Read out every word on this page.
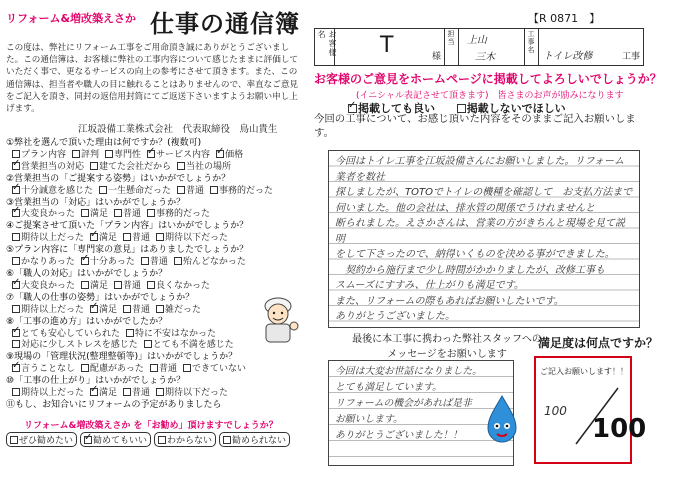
リフォーム&増改築えさか 仕事の通信簿
この度は、弊社にリフォーム工事をご用命頂き誠にありがとうございました。この通信簿は、お客様に弊社の工事内容について感じたままに評価していただく事で、更なるサービスの向上の参考にさせて頂きます。また、この通信簿は、担当者や職人の目に触れることはありませんので、率直なご意見をご記入を頂き、同封の返信用封筒にてご返送下さいますようお願い申し上げます。
江坂設備工業株式会社　代表取締役　鳥山貴生
①弊社を選んで頂いた理由は何ですか？(複数可)
プラン内容 評判 専門性 ✓ サービス内容 ✓ 価格
✓営業担当の対応 建てた会社だから 当社の場所
②営業担当の「ご提案する姿勢」はいかがでしょうか？
✓十分誠意を感じた 一生懸命だった 普通 事務的だった
③営業担当の「対応」はいかがでしょうか？
✓大変良かった 満足 普通 事務的だった
④ご提案させて頂いた「プラン内容」はいかがでしょうか？
期待以上だった ✓ 満足 普通 期待以下だった
⑤プラン内容に「専門家の意見」はありましたでしょうか？
かなりあった ✓ 十分あった 普通 殆んどなかった
⑥「職人の対応」はいかがでしょうか？
✓大変良かった 満足 普通 良くなかった
⑦「職人の仕事の姿勢」はいかがでしょうか？
期待以上だった ✓ 満足 普通 雑だった
⑧「工事の進め方」はいかがでしたか？
✓とても安心していられた 特に不安はなかった
対応に少しストレスを感じた とても不満を感じた
⑨現場の「管理状況(整理整頓等)」はいかがでしょうか？
✓言うことなし 配慮があった 普通 できていない
⑩「工事の仕上がり」はいかがでしょうか？
期待以上だった ✓ 満足 普通 期待以下だった
⑪もし、お知合いにリフォームの予定がありましたら
リフォーム&増改築えさか を「お勧め」頂けますでしょうか？
ぜひ勧めたい ✓ 勧めてもいい わからない 勧められない
【R 0871　】
お客様名	T	様
担当 上山
三木
工事名
トイレ改修	工事
お客様のご意見をホームページに掲載してよろしいでしょうか？
(イニシャル表記させて頂きます)　皆さまのお声が励みになります
✓掲載しても良い	掲載しないでほしい
今回の工事について、お感じ頂いた内容をそのままご記入お願いします。
今回はトイレ工事を江坂設備さんにお願いしました。リフォーム業者を数社
探しましたが、TOTOでトイレの機種を確認して　お支払方法まで
伺いました。他の会社は、排水管の関係でうけれませんと
断られました。えさかさんは、営業の方がきちんと現場を見て説明
をして下さったので、納得いくものを決める事ができました。
　契約から施行まで少し時間がかかりましたが、改修工事も
スムーズにすすみ、仕上がりも満足です。
また、リフォームの際もあればお願いしたいです。
ありがとうございました。
最後に本工事に携わった弊社スタッフへの
メッセージをお願いします
今回は大変お世話になりました。
とても満足しています。
リフォームの機会があれば是非
お願いします。
ありがとうございました！！
満足度は何点ですか？
ご記入お願いします！！
100
100
